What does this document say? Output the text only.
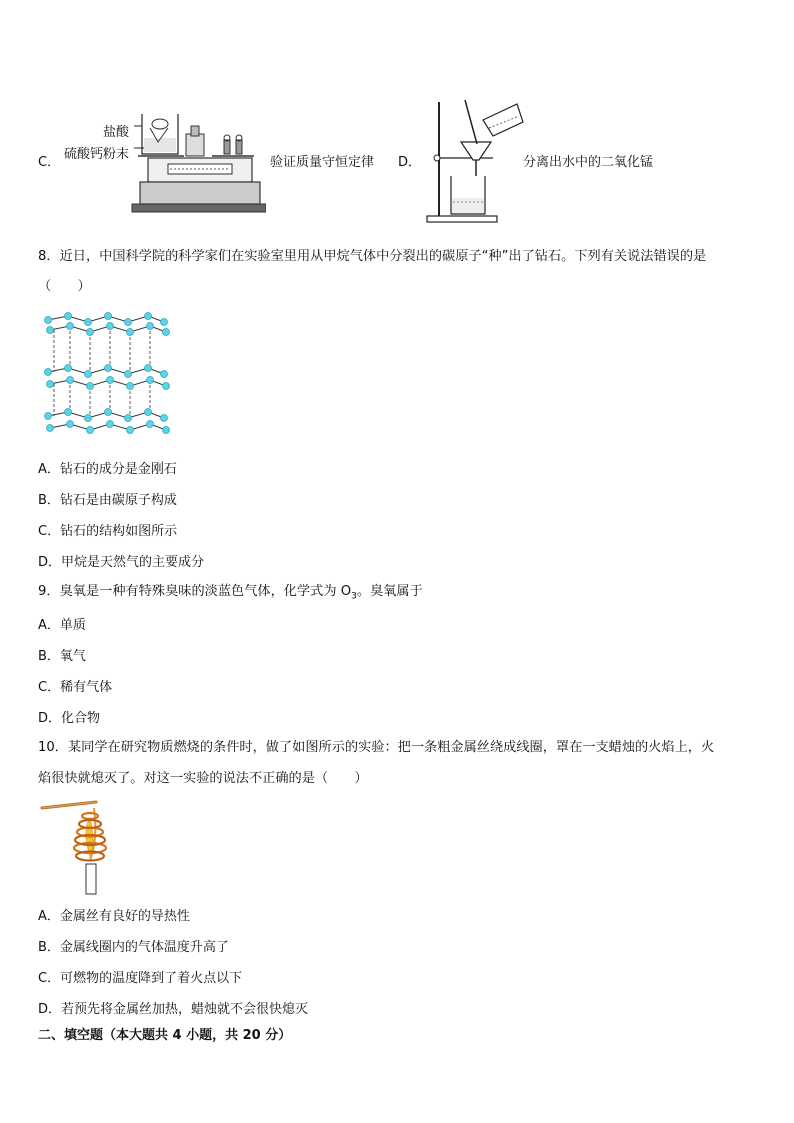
C．
盐酸
硫酸钙粉末
验证质量守恒定律 D．	分离出水中的二氧化锰
8．近日，中国科学院的科学家们在实验室里用从甲烷气体中分裂出的碳原子“种”出了钻石。下列有关说法错误的是
（　　）
A．钻石的成分是金刚石
B．钻石是由碳原子构成
C．钻石的结构如图所示
D．甲烷是天然气的主要成分
9．臭氧是一种有特殊臭味的淡蓝色气体，化学式为 $O_3$。臭氧属于
A．单质
B．氧气
C．稀有气体
D．化合物
10．某同学在研究物质燃烧的条件时，做了如图所示的实验：把一条粗金属丝绕成线圈，罩在一支蜡烛的火焰上，火
焰很快就熄灭了。对这一实验的说法不正确的是（　　）
A．金属丝有良好的导热性
B．金属线圈内的气体温度升高了
C．可燃物的温度降到了着火点以下
D．若预先将金属丝加热，蜡烛就不会很快熄灭
二、填空题（本大题共 4 小题，共 20 分）
